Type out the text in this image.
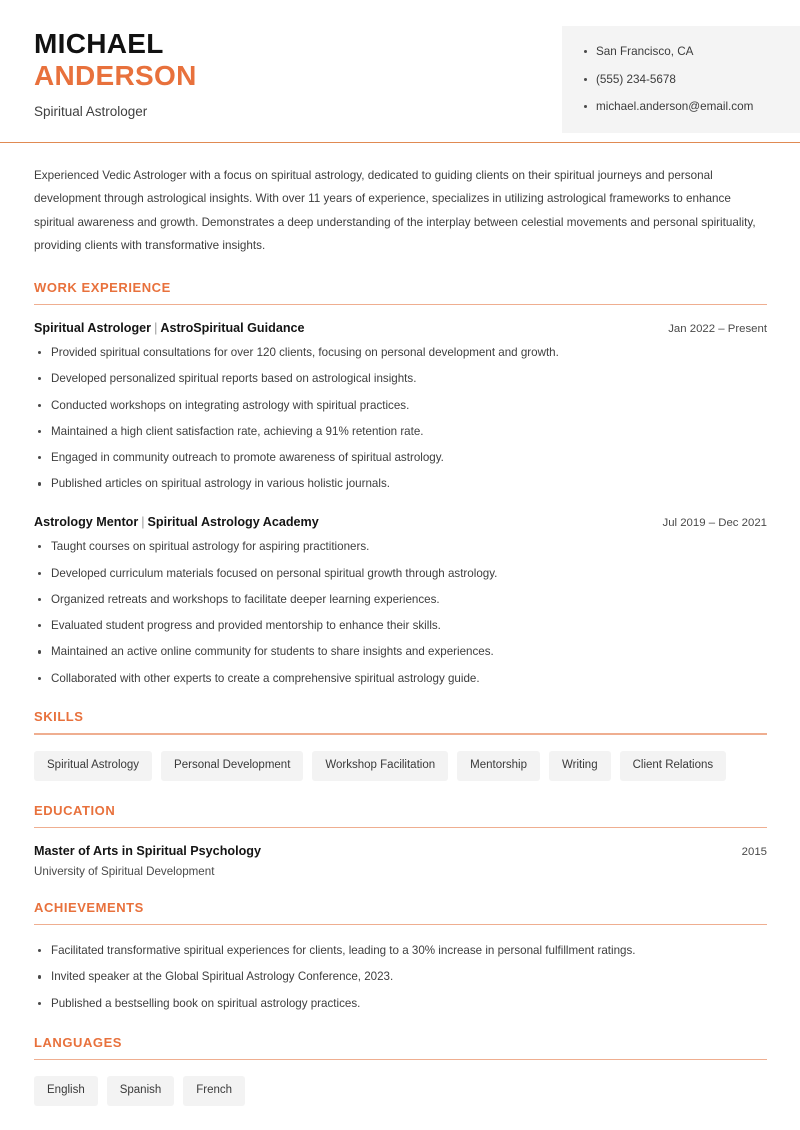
MICHAEL
ANDERSON
Spiritual Astrologer
San Francisco, CA
(555) 234-5678
michael.anderson@email.com

Experienced Vedic Astrologer with a focus on spiritual astrology, dedicated to guiding clients on their spiritual journeys and personal development through astrological insights. With over 11 years of experience, specializes in utilizing astrological frameworks to enhance spiritual awareness and growth. Demonstrates a deep understanding of the interplay between celestial movements and personal spirituality, providing clients with transformative insights.

WORK EXPERIENCE
Spiritual Astrologer | AstroSpiritual Guidance	Jan 2022 – Present
Provided spiritual consultations for over 120 clients, focusing on personal development and growth.
Developed personalized spiritual reports based on astrological insights.
Conducted workshops on integrating astrology with spiritual practices.
Maintained a high client satisfaction rate, achieving a 91% retention rate.
Engaged in community outreach to promote awareness of spiritual astrology.
Published articles on spiritual astrology in various holistic journals.
Astrology Mentor | Spiritual Astrology Academy	Jul 2019 – Dec 2021
Taught courses on spiritual astrology for aspiring practitioners.
Developed curriculum materials focused on personal spiritual growth through astrology.
Organized retreats and workshops to facilitate deeper learning experiences.
Evaluated student progress and provided mentorship to enhance their skills.
Maintained an active online community for students to share insights and experiences.
Collaborated with other experts to create a comprehensive spiritual astrology guide.
SKILLS
Spiritual Astrology	Personal Development	Workshop Facilitation	Mentorship	Writing	Client Relations
EDUCATION
Master of Arts in Spiritual Psychology	2015
University of Spiritual Development
ACHIEVEMENTS
Facilitated transformative spiritual experiences for clients, leading to a 30% increase in personal fulfillment ratings.
Invited speaker at the Global Spiritual Astrology Conference, 2023.
Published a bestselling book on spiritual astrology practices.
LANGUAGES
English	Spanish	French
